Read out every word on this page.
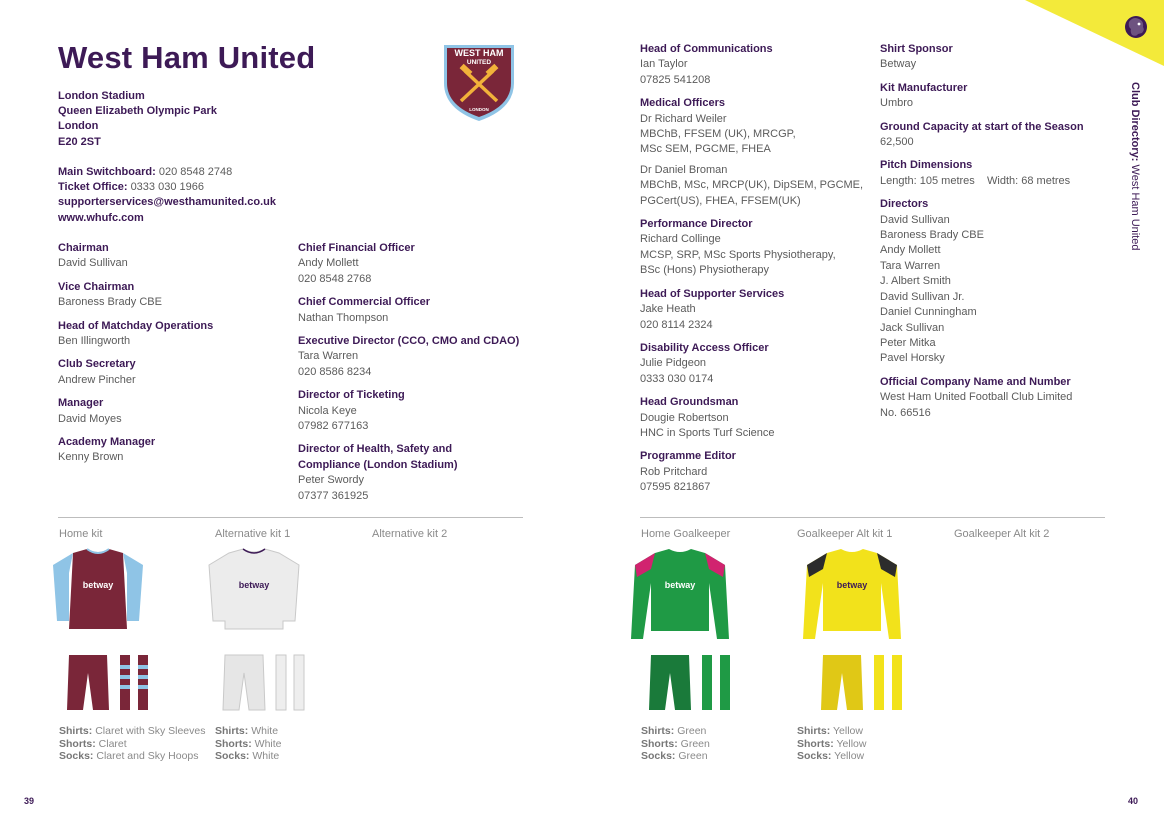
West Ham United	WEST HAM
UNITED
LONDON
London Stadium
Queen Elizabeth Olympic Park
London
E20 2ST
Main Switchboard: 020 8548 2748
Ticket Office: 0333 030 1966
supporterservices@westhamunited.co.uk
www.whufc.com
Chairman
David Sullivan
Vice Chairman
Baroness Brady CBE
Head of Matchday Operations
Ben Illingworth
Club Secretary
Andrew Pincher
Manager
David Moyes
Academy Manager
Kenny Brown
Chief Financial Officer
Andy Mollett
020 8548 2768
Chief Commercial Officer
Nathan Thompson
Executive Director (CCO, CMO and CDAO)
Tara Warren
020 8586 8234
Director of Ticketing
Nicola Keye
07982 677163
Director of Health, Safety and
Compliance (London Stadium)
Peter Swordy
07377 361925
Head of Communications
Ian Taylor
07825 541208
Medical Officers
Dr Richard Weiler
MBChB, FFSEM (UK), MRCGP,
MSc SEM, PGCME, FHEA
Dr Daniel Broman
MBChB, MSc, MRCP(UK), DipSEM, PGCME,
PGCert(US), FHEA, FFSEM(UK)
Performance Director
Richard Collinge
MCSP, SRP, MSc Sports Physiotherapy,
BSc (Hons) Physiotherapy
Head of Supporter Services
Jake Heath
020 8114 2324
Disability Access Officer
Julie Pidgeon
0333 030 0174
Head Groundsman
Dougie Robertson
HNC in Sports Turf Science
Programme Editor
Rob Pritchard
07595 821867
Shirt Sponsor
Betway
Kit Manufacturer
Umbro
Ground Capacity at start of the Season
62,500
Pitch Dimensions
Length: 105 metres Width: 68 metres
Directors
David Sullivan
Baroness Brady CBE
Andy Mollett
Tara Warren
J. Albert Smith
David Sullivan Jr.
Daniel Cunningham
Jack Sullivan
Peter Mitka
Pavel Horsky
Official Company Name and Number
West Ham United Football Club Limited
No. 66516
Club Directory: West Ham United
Home kit	Alternative kit 1	Alternative kit 2	Home Goalkeeper	Goalkeeper Alt kit 1	Goalkeeper Alt kit 2
betway	betway	betway	betway
Shirts: Claret with Sky Sleeves
Shorts: Claret
Socks: Claret and Sky Hoops
Shirts: White
Shorts: White
Socks: White
Shirts: Green
Shorts: Green
Socks: Green
Shirts: Yellow
Shorts: Yellow
Socks: Yellow
39	40
